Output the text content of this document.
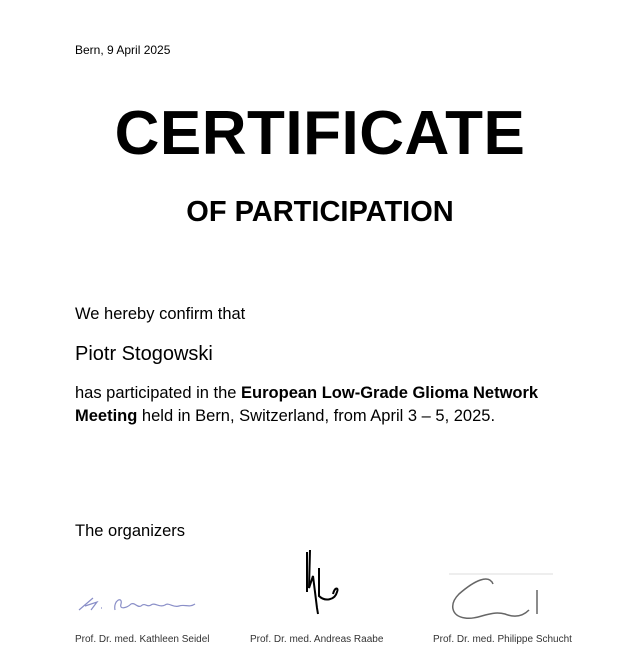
Bern, 9 April 2025
CERTIFICATE
OF PARTICIPATION
We hereby confirm that
Piotr Stogowski
has participated in the European Low-Grade Glioma Network Meeting held in Bern, Switzerland, from April 3 – 5, 2025.
The organizers
Prof. Dr. med. Kathleen Seidel	Prof. Dr. med. Andreas Raabe	Prof. Dr. med. Philippe Schucht
